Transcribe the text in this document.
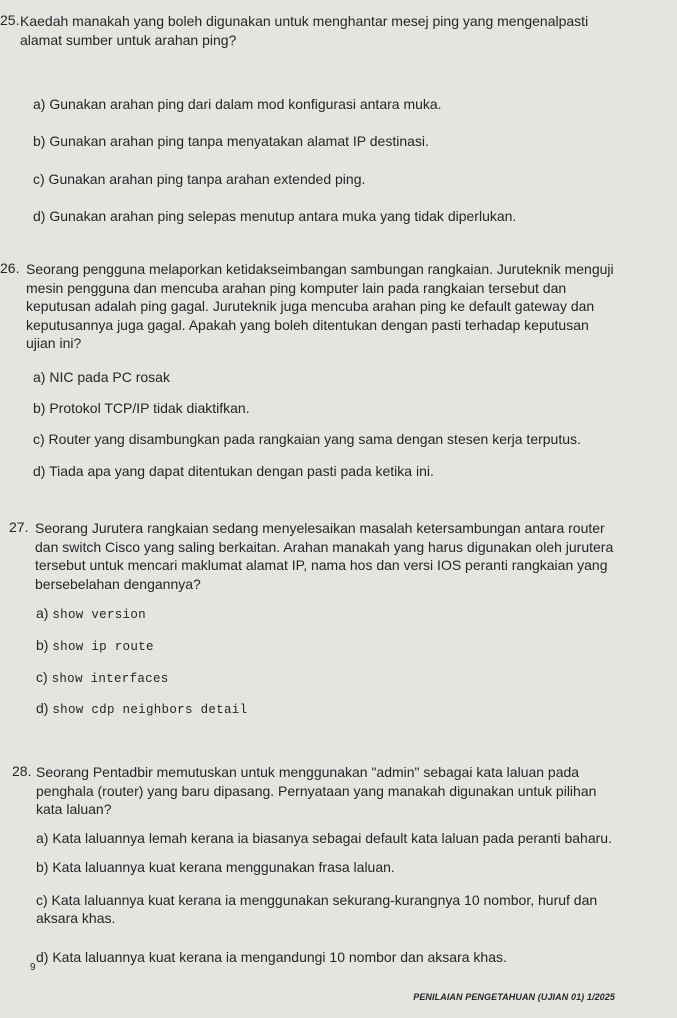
25. Kaedah manakah yang boleh digunakan untuk menghantar mesej ping yang mengenalpasti alamat sumber untuk arahan ping?
a) Gunakan arahan ping dari dalam mod konfigurasi antara muka.
b) Gunakan arahan ping tanpa menyatakan alamat IP destinasi.
c) Gunakan arahan ping tanpa arahan extended ping.
d) Gunakan arahan ping selepas menutup antara muka yang tidak diperlukan.
26. Seorang pengguna melaporkan ketidakseimbangan sambungan rangkaian. Juruteknik menguji mesin pengguna dan mencuba arahan ping komputer lain pada rangkaian tersebut dan keputusan adalah ping gagal. Juruteknik juga mencuba arahan ping ke default gateway dan keputusannya juga gagal. Apakah yang boleh ditentukan dengan pasti terhadap keputusan ujian ini?
a) NIC pada PC rosak
b) Protokol TCP/IP tidak diaktifkan.
c) Router yang disambungkan pada rangkaian yang sama dengan stesen kerja terputus.
d) Tiada apa yang dapat ditentukan dengan pasti pada ketika ini.
27. Seorang Jurutera rangkaian sedang menyelesaikan masalah ketersambungan antara router dan switch Cisco yang saling berkaitan. Arahan manakah yang harus digunakan oleh jurutera tersebut untuk mencari maklumat alamat IP, nama hos dan versi IOS peranti rangkaian yang bersebelahan dengannya?
a) show version
b) show ip route
c) show interfaces
d) show cdp neighbors detail
28. Seorang Pentadbir memutuskan untuk menggunakan "admin" sebagai kata laluan pada penghala (router) yang baru dipasang. Pernyataan yang manakah digunakan untuk pilihan kata laluan?
a) Kata laluannya lemah kerana ia biasanya sebagai default kata laluan pada peranti baharu.
b) Kata laluannya kuat kerana menggunakan frasa laluan.
c) Kata laluannya kuat kerana ia menggunakan sekurang-kurangnya 10 nombor, huruf dan aksara khas.
d) Kata laluannya kuat kerana ia mengandungi 10 nombor dan aksara khas.
9
PENILAIAN PENGETAHUAN (UJIAN 01) 1/2025
